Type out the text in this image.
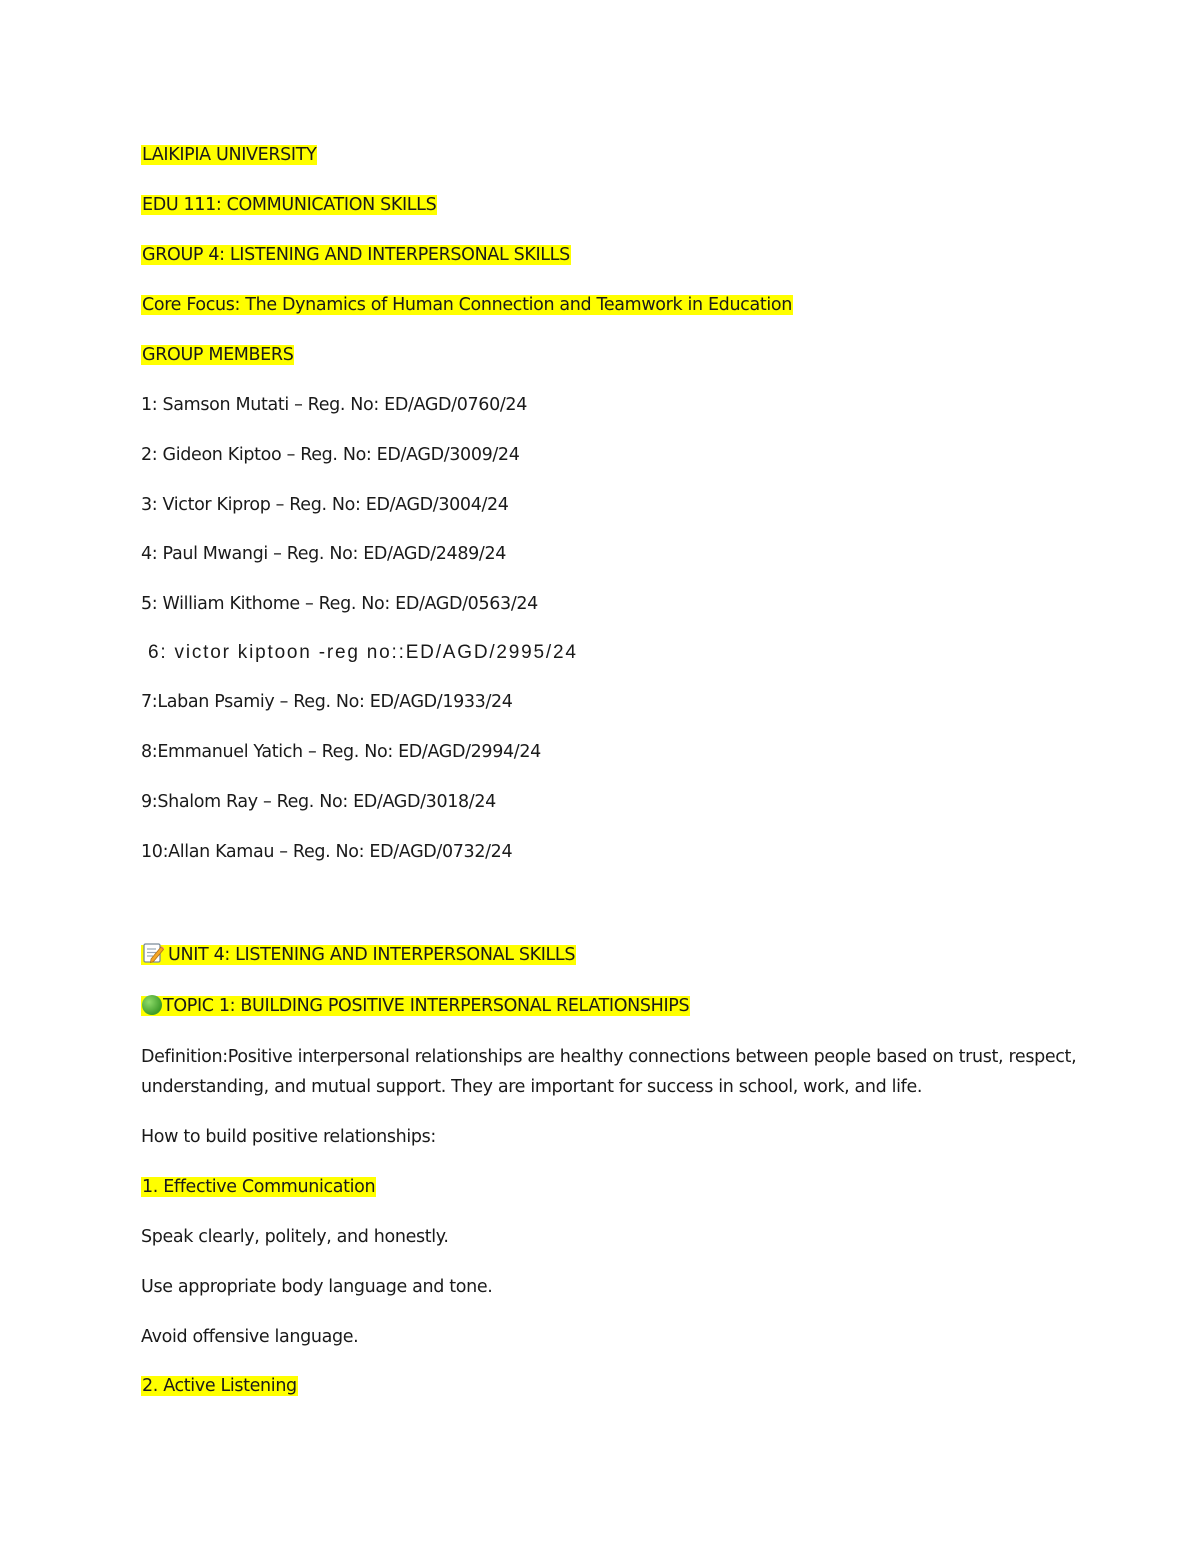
LAIKIPIA UNIVERSITY
EDU 111: COMMUNICATION SKILLS
GROUP 4: LISTENING AND INTERPERSONAL SKILLS
Core Focus: The Dynamics of Human Connection and Teamwork in Education
GROUP MEMBERS
1: Samson Mutati – Reg. No: ED/AGD/0760/24
2: Gideon Kiptoo – Reg. No: ED/AGD/3009/24
3: Victor Kiprop – Reg. No: ED/AGD/3004/24
4: Paul Mwangi – Reg. No: ED/AGD/2489/24
5: William Kithome – Reg. No: ED/AGD/0563/24
6: victor kiptoon -reg no::ED/AGD/2995/24
7:Laban Psamiy – Reg. No: ED/AGD/1933/24
8:Emmanuel Yatich – Reg. No: ED/AGD/2994/24
9:Shalom Ray – Reg. No: ED/AGD/3018/24
10:Allan Kamau – Reg. No: ED/AGD/0732/24
UNIT 4: LISTENING AND INTERPERSONAL SKILLS
TOPIC 1: BUILDING POSITIVE INTERPERSONAL RELATIONSHIPS
Definition:Positive interpersonal relationships are healthy connections between people based on trust, respect, understanding, and mutual support. They are important for success in school, work, and life.
How to build positive relationships:
1. Effective Communication
Speak clearly, politely, and honestly.
Use appropriate body language and tone.
Avoid offensive language.
2. Active Listening
